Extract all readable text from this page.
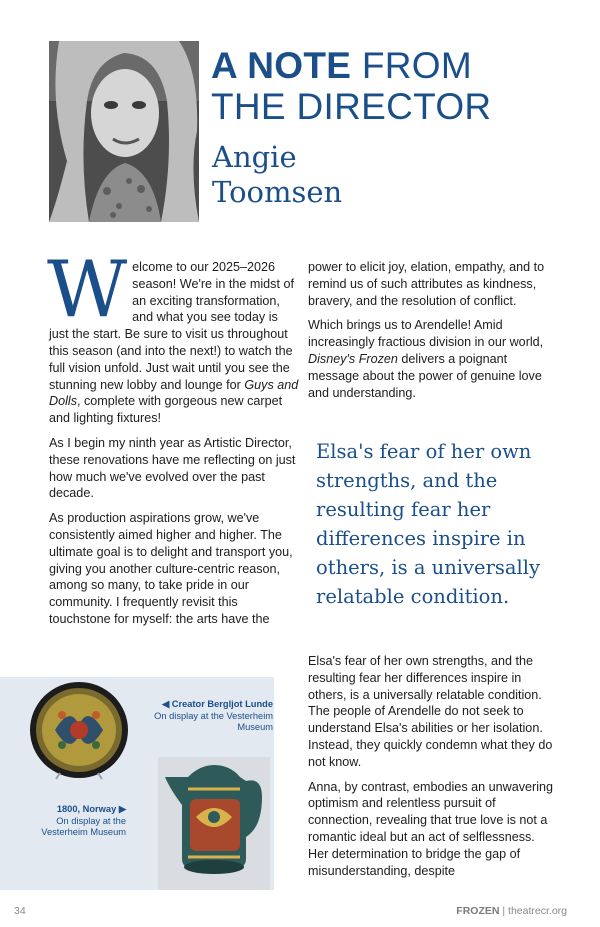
A NOTE FROM
THE DIRECTOR
Angie
Toomsen

Welcome to our 2025–2026 season! We're in the midst of an exciting transformation, and what you see today is just the start. Be sure to visit us throughout this season (and into the next!) to watch the full vision unfold. Just wait until you see the stunning new lobby and lounge for Guys and Dolls, complete with gorgeous new carpet and lighting fixtures!

As I begin my ninth year as Artistic Director, these renovations have me reflecting on just how much we've evolved over the past decade.

As production aspirations grow, we've consistently aimed higher and higher. The ultimate goal is to delight and transport you, giving you another culture-centric reason, among so many, to take pride in our community. I frequently revisit this touchstone for myself: the arts have the

power to elicit joy, elation, empathy, and to remind us of such attributes as kindness, bravery, and the resolution of conflict.

Which brings us to Arendelle! Amid increasingly fractious division in our world, Disney's Frozen delivers a poignant message about the power of genuine love and understanding.

Elsa's fear of her own strengths, and the resulting fear her differences inspire in others, is a universally relatable condition.

Elsa's fear of her own strengths, and the resulting fear her differences inspire in others, is a universally relatable condition. The people of Arendelle do not seek to understand Elsa's abilities or her isolation. Instead, they quickly condemn what they do not know.

Anna, by contrast, embodies an unwavering optimism and relentless pursuit of connection, revealing that true love is not a romantic ideal but an act of selflessness. Her determination to bridge the gap of misunderstanding, despite

◀ Creator Bergljot Lunde On display at the Vesterheim Museum
1800, Norway ▶
On display at the Vesterheim Museum
34	FROZEN | theatrecr.org
